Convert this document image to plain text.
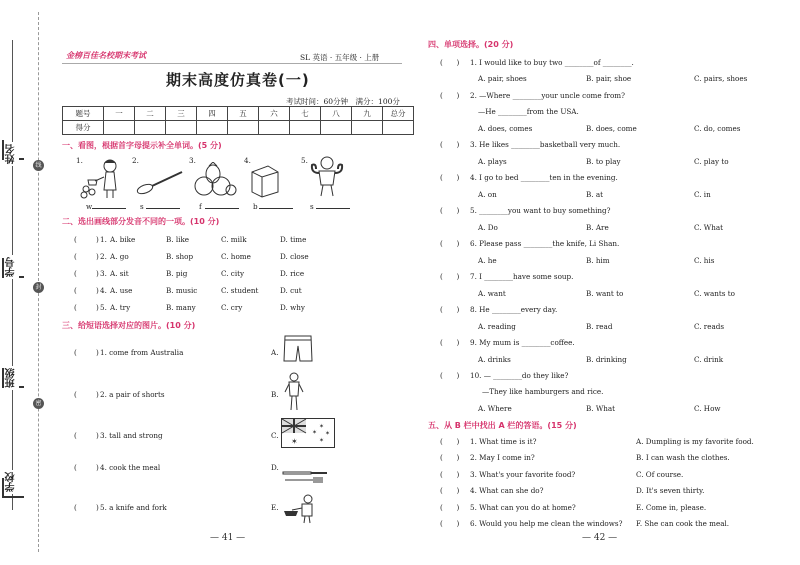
姓名
线
学号
封
班级
密
学校
金榜百佳名校期末考试	SL 英语 · 五年级 · 上册
期末高度仿真卷(一)
考试时间：60分钟　满分：100分
题号	一	二	三	四	五	六	七	八	九	总分
得分										
一、看图，根据首字母提示补全单词。(5 分)
1.
w
2.
s
3.
f
4.
b
5.
s
二、选出画线部分发音不同的一项。(10 分)
(	) 1. A. bike	B. like	C. milk	D. time
(	) 2. A. go	B. shop	C. home	D. close
(	) 3. A. sit	B. pig	C. city	D. rice
(	) 4. A. use	B. music	C. student	D. cut
(	) 5. A. try	B. many	C. cry	D. why
三、给短语选择对应的图片。(10 分)
(	) 1. come from Australia	A.
(	) 2. a pair of shorts	B.
(	) 3. tall and strong	C.
✶
✶
✶
✶
✶
(	) 4. cook the meal	D.
(	) 5. a knife and fork	E.
— 41 —
四、单项选择。(20 分)
(      ) 1. I would like to buy two ________of ________.
A. pair, shoes	B. pair, shoe	C. pairs, shoes
(      ) 2. —Where ________your uncle come from?
—He ________from the USA.
A. does, comes	B. does, come	C. do, comes
(      ) 3. He likes ________basketball very much.
A. plays	B. to play	C. play to
(      ) 4. I go to bed ________ten in the evening.
A. on	B. at	C. in
(      ) 5. ________you want to buy something?
A. Do	B. Are	C. What
(      ) 6. Please pass ________the knife, Li Shan.
A. he	B. him	C. his
(      ) 7. I ________have some soup.
A. want	B. want to	C. wants to
(      ) 8. He ________every day.
A. reading	B. read	C. reads
(      ) 9. My mum is ________coffee.
A. drinks	B. drinking	C. drink
(      ) 10. — ________do they like?
—They like hamburgers and rice.
A. Where	B. What	C. How
五、从 B 栏中找出 A 栏的答语。(15 分)
(      ) 1. What time is it?	A. Dumpling is my favorite food.
(      ) 2. May I come in?	B. I can wash the clothes.
(      ) 3. What's your favorite food?	C. Of course.
(      ) 4. What can she do?	D. It's seven thirty.
(      ) 5. What can you do at home?	E. Come in, please.
(      ) 6. Would you help me clean the windows? F. She can cook the meal.
— 42 —
